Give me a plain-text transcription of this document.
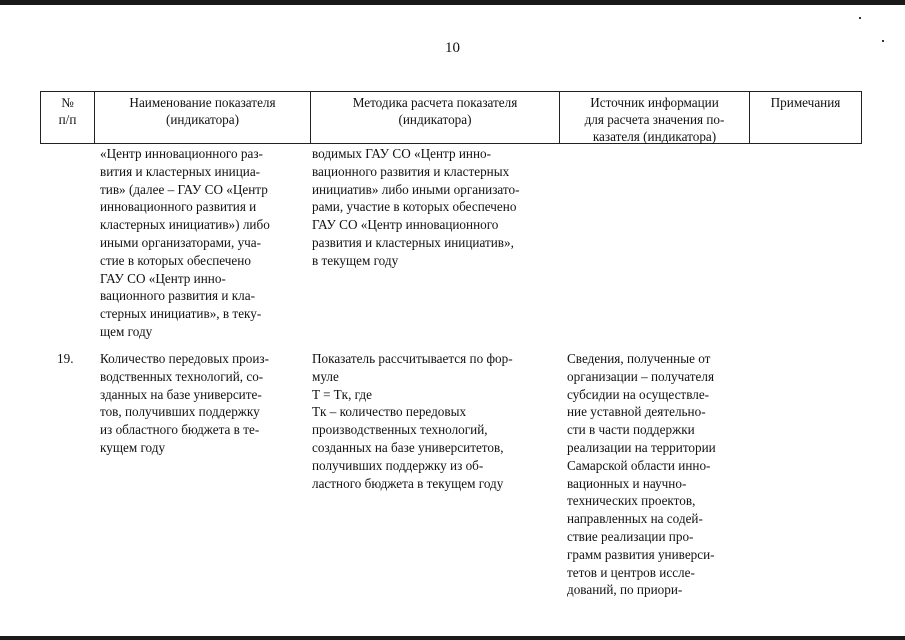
10
№
п/п
Наименование показателя
(индикатора)
Методика расчета показателя
(индикатора)
Источник информации
для расчета значения по-
казателя (индикатора)
Примечания
«Центр инновационного раз-
вития и кластерных инициа-
тив» (далее – ГАУ СО «Центр
инновационного развития и
кластерных инициатив») либо
иными организаторами, уча-
стие в которых обеспечено
ГАУ СО «Центр инно-
вационного развития и кла-
стерных инициатив», в теку-
щем году
водимых ГАУ СО «Центр инно-
вационного развития и кластерных
инициатив» либо иными организато-
рами, участие в которых обеспечено
ГАУ СО «Центр инновационного
развития и кластерных инициатив»,
в текущем году
19. Количество передовых произ-
водственных технологий, со-
зданных на базе университе-
тов, получивших поддержку
из областного бюджета в те-
кущем году
Показатель рассчитывается по фор-
муле
T = Tк, где
Tк – количество передовых
производственных технологий,
созданных на базе университетов,
получивших поддержку из об-
ластного бюджета в текущем году
Сведения, полученные от
организации – получателя
субсидии на осуществле-
ние уставной деятельно-
сти в части поддержки
реализации на территории
Самарской области инно-
вационных и научно-
технических проектов,
направленных на содей-
ствие реализации про-
грамм развития универси-
тетов и центров иссле-
дований, по приори-
